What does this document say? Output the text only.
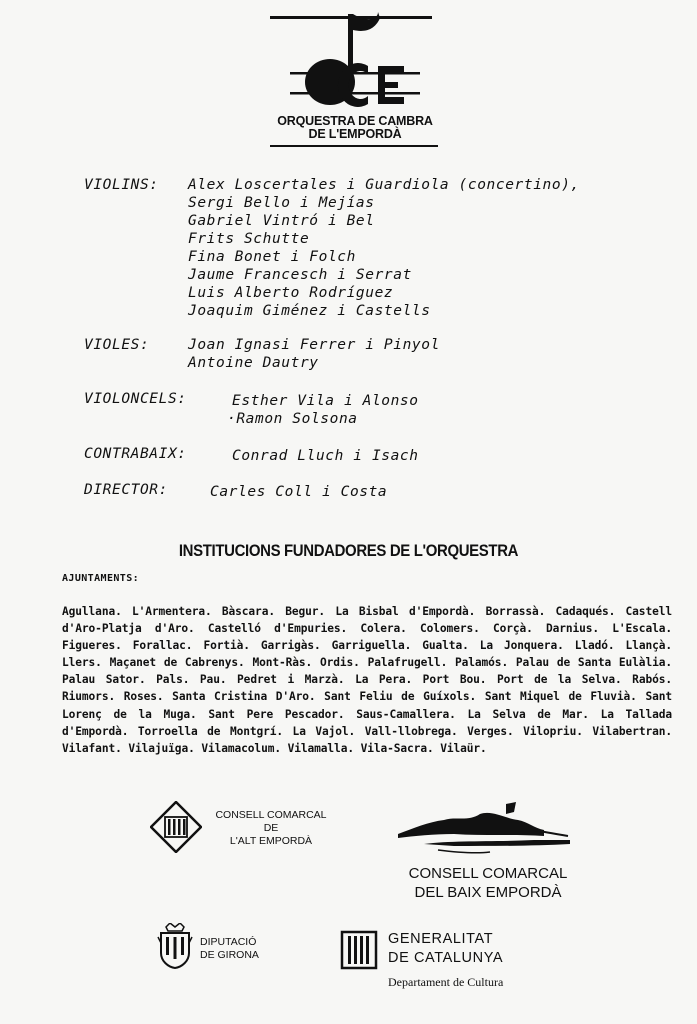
ORQUESTRA DE CAMBRA
DE L'EMPORDÀ
VIOLINS: Alex Loscertales i Guardiola (concertino),
Sergi Bello i Mejías
Gabriel Vintró i Bel
Frits Schutte
Fina Bonet i Folch
Jaume Francesch i Serrat
Luis Alberto Rodríguez
Joaquim Giménez i Castells
VIOLES:	Joan Ignasi Ferrer i Pinyol
Antoine Dautry
VIOLONCELS:	Esther Vila i Alonso
·Ramon Solsona
CONTRABAIX:	Conrad Lluch i Isach
DIRECTOR:	Carles Coll i Costa
INSTITUCIONS FUNDADORES DE L'ORQUESTRA
AJUNTAMENTS:
Agullana. L'Armentera. Bàscara. Begur. La Bisbal d'Empordà. Borrassà. Cadaqués. Castell d'Aro-Platja d'Aro. Castelló d'Empuries. Colera. Colomers. Corçà. Darnius. L'Escala. Figueres. Forallac. Fortià. Garrigàs. Garriguella. Gualta. La Jonquera. Lladó. Llançà. Llers. Maçanet de Cabrenys. Mont-Ràs. Ordis. Palafrugell. Palamós. Palau de Santa Eulàlia. Palau Sator. Pals. Pau. Pedret i Marzà. La Pera. Port Bou. Port de la Selva. Rabós. Riumors. Roses. Santa Cristina D'Aro. Sant Feliu de Guíxols. Sant Miquel de Fluvià. Sant Lorenç de la Muga. Sant Pere Pescador. Saus-Camallera. La Selva de Mar. La Tallada d'Empordà. Torroella de Montgrí. La Vajol. Vall-llobrega. Verges. Vilopriu. Vilabertran. Vilafant. Vilajuïga. Vilamacolum. Vilamalla. Vila-Sacra. Vilaür.
CONSELL COMARCAL
DE
L'ALT EMPORDÀ
CONSELL COMARCAL
DEL BAIX EMPORDÀ
DIPUTACIÓ
DE GIRONA
GENERALITAT
DE CATALUNYA
Departament de Cultura
